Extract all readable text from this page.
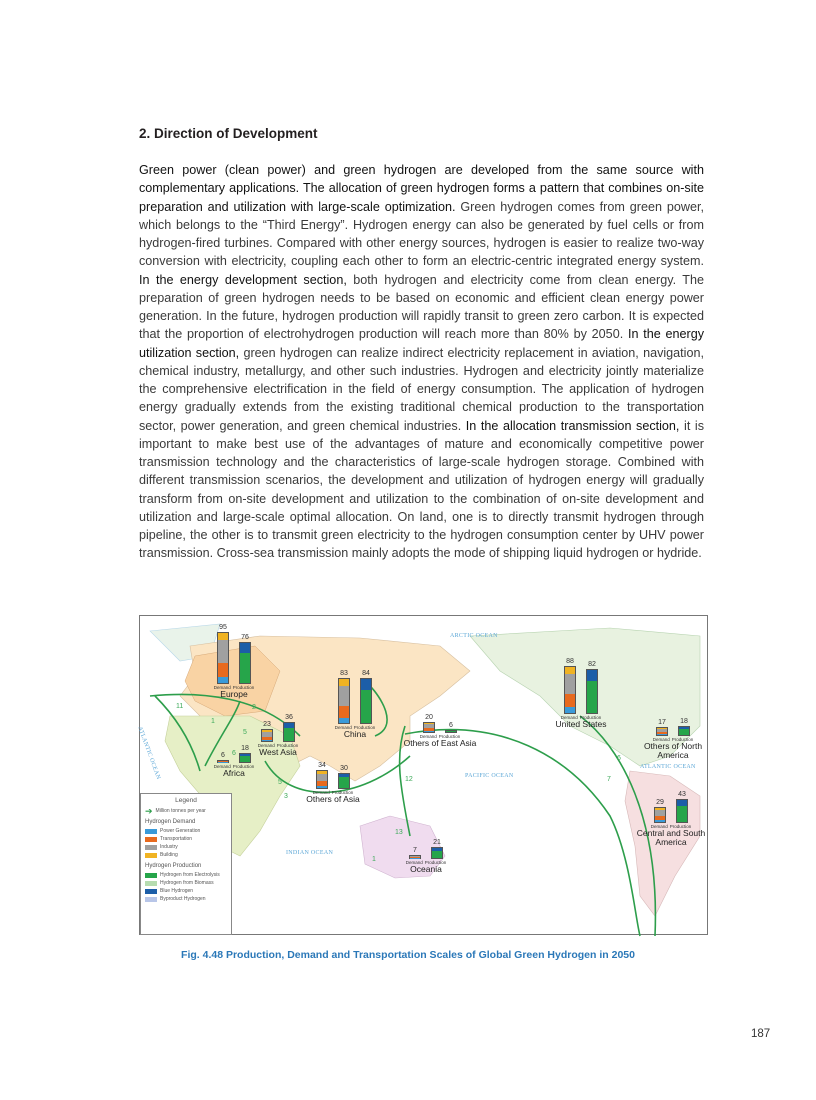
2. Direction of Development
Green power (clean power) and green hydrogen are developed from the same source with complementary applications. The allocation of green hydrogen forms a pattern that combines on-site preparation and utilization with large-scale optimization. Green hydrogen comes from green power, which belongs to the “Third Energy”. Hydrogen energy can also be generated by fuel cells or from hydrogen-fired turbines. Compared with other energy sources, hydrogen is easier to realize two-way conversion with electricity, coupling each other to form an electric-centric integrated energy system. In the energy development section, both hydrogen and electricity come from clean energy. The preparation of green hydrogen needs to be based on economic and efficient clean energy power generation. In the future, hydrogen production will rapidly transit to green zero carbon. It is expected that the proportion of electrohydrogen production will reach more than 80% by 2050. In the energy utilization section, green hydrogen can realize indirect electricity replacement in aviation, navigation, chemical industry, metallurgy, and other such industries. Hydrogen and electricity jointly materialize the comprehensive electrification in the field of energy consumption. The application of hydrogen energy gradually extends from the existing traditional chemical production to the transportation sector, power generation, and green chemical industries. In the allocation transmission section, it is important to make best use of the advantages of mature and economically competitive power transmission technology and the characteristics of large-scale hydrogen storage. Combined with different transmission scenarios, the development and utilization of hydrogen energy will gradually transform from on-site development and utilization to the combination of on-site development and utilization and large-scale optimal allocation. On land, one is to directly transmit hydrogen through pipeline, the other is to transmit green electricity to the hydrogen consumption center by UHV power transmission. Cross-sea transmission mainly adopts the mode of shipping liquid hydrogen or hydride.
95
76
Demand Production
Europe
23
36
Demand Production
West Asia
6
18
Demand Production
Africa
83 84
Demand Production
China
34 30
Demand Production
Others of Asia
20
6
Demand Production
Others of East Asia
88 82
Demand Production
United States	17 18
Demand Production
Others of North America
29
43
Demand Production
Central and South America
7
21
Demand Production
Oceania
ARCTIC OCEAN
ATLANTIC OCEAN	ATLANTIC OCEAN
PACIFIC OCEAN
INDIAN OCEAN
11
1
5
2
6
3
5	12	7
6
13
1
Legend
➔ Million tonnes per year
Hydrogen Demand
Power Generation
Transportation
Industry
Building
Hydrogen Production
Hydrogen from Electrolysis
Hydrogen from Biomass
Blue Hydrogen
Byproduct Hydrogen
Fig. 4.48 Production, Demand and Transportation Scales of Global Green Hydrogen in 2050
187
